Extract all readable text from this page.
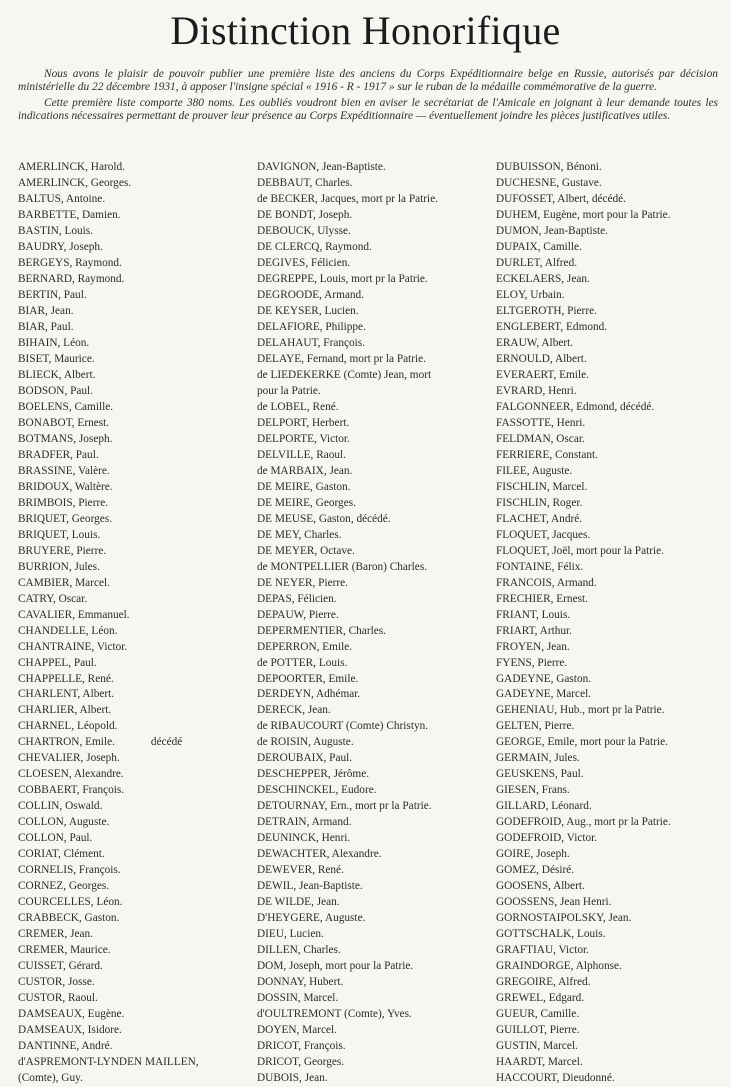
Distinction Honorifique

Nous avons le plaisir de pouvoir publier une première liste des anciens du Corps Expéditionnaire belge en Russie, autorisés par décision ministérielle du 22 décembre 1931, à apposer l'insigne spécial « 1916 - R - 1917 » sur le ruban de la médaille commémorative de la guerre.

Cette première liste comporte 380 noms. Les oubliés voudront bien en aviser le secrétariat de l'Amicale en joignant à leur demande toutes les indications nécessaires permettant de prouver leur présence au Corps Expéditionnaire — éventuellement joindre les pièces justificatives utiles.

AMERLINCK, Harold.
AMERLINCK, Georges.
BALTUS, Antoine.
BARBETTE, Damien.
BASTIN, Louis.
BAUDRY, Joseph.
BERGEYS, Raymond.
BERNARD, Raymond.
BERTIN, Paul.
BIAR, Jean.
BIAR, Paul.
BIHAIN, Léon.
BISET, Maurice.
BLIECK, Albert.
BODSON, Paul.
BOELENS, Camille.
BONABOT, Ernest.
BOTMANS, Joseph.
BRADFER, Paul.
BRASSINE, Valère.
BRIDOUX, Waltère.
BRIMBOIS, Pierre.
BRIQUET, Georges.
BRIQUET, Louis.
BRUYERE, Pierre.
BURRION, Jules.
CAMBIER, Marcel.
CATRY, Oscar.
CAVALIER, Emmanuel.
CHANDELLE, Léon.
CHANTRAINE, Victor.
CHAPPEL, Paul.
CHAPPELLE, René.
CHARLENT, Albert.
CHARLIER, Albert.
CHARNEL, Léopold.
CHARTRON, Emile.	décédé
CHEVALIER, Joseph.
CLOESEN, Alexandre.
COBBAERT, François.
COLLIN, Oswald.
COLLON, Auguste.
COLLON, Paul.
CORIAT, Clément.
CORNELIS, François.
CORNEZ, Georges.
COURCELLES, Léon.
CRABBECK, Gaston.
CREMER, Jean.
CREMER, Maurice.
CUISSET, Gérard.
CUSTOR, Josse.
CUSTOR, Raoul.
DAMSEAUX, Eugène.
DAMSEAUX, Isidore.
DANTINNE, André.
d'ASPREMONT-LYNDEN MAILLEN,
(Comte), Guy.
DAVIGNON, Jean-Baptiste.
DEBBAUT, Charles.
de BECKER, Jacques, mort pr la Patrie.
DE BONDT, Joseph.
DEBOUCK, Ulysse.
DE CLERCQ, Raymond.
DEGIVES, Félicien.
DEGREPPE, Louis, mort pr la Patrie.
DEGROODE, Armand.
DE KEYSER, Lucien.
DELAFIORE, Philippe.
DELAHAUT, François.
DELAYE, Fernand, mort pr la Patrie.
de LIEDEKERKE (Comte) Jean, mort
pour la Patrie.
de LOBEL, René.
DELPORT, Herbert.
DELPORTE, Victor.
DELVILLE, Raoul.
de MARBAIX, Jean.
DE MEIRE, Gaston.
DE MEIRE, Georges.
DE MEUSE, Gaston, décédé.
DE MEY, Charles.
DE MEYER, Octave.
de MONTPELLIER (Baron) Charles.
DE NEYER, Pierre.
DEPAS, Félicien.
DEPAUW, Pierre.
DEPERMENTIER, Charles.
DEPERRON, Emile.
de POTTER, Louis.
DEPOORTER, Emile.
DERDEYN, Adhémar.
DERECK, Jean.
de RIBAUCOURT (Comte) Christyn.
de ROISIN, Auguste.
DEROUBAIX, Paul.
DESCHEPPER, Jérôme.
DESCHINCKEL, Eudore.
DETOURNAY, Ern., mort pr la Patrie.
DETRAIN, Armand.
DEUNINCK, Henri.
DEWACHTER, Alexandre.
DEWEVER, René.
DEWIL, Jean-Baptiste.
DE WILDE, Jean.
D'HEYGERE, Auguste.
DIEU, Lucien.
DILLEN, Charles.
DOM, Joseph, mort pour la Patrie.
DONNAY, Hubert.
DOSSIN, Marcel.
d'OULTREMONT (Comte), Yves.
DOYEN, Marcel.
DRICOT, François.
DRICOT, Georges.
DUBOIS, Jean.
DUBUISSON, Bénoni.
DUCHESNE, Gustave.
DUFOSSET, Albert, décédé.
DUHEM, Eugène, mort pour la Patrie.
DUMON, Jean-Baptiste.
DUPAIX, Camille.
DURLET, Alfred.
ECKELAERS, Jean.
ELOY, Urbain.
ELTGEROTH, Pierre.
ENGLEBERT, Edmond.
ERAUW, Albert.
ERNOULD, Albert.
EVERAERT, Emile.
EVRARD, Henri.
FALGONNEER, Edmond, décédé.
FASSOTTE, Henri.
FELDMAN, Oscar.
FERRIERE, Constant.
FILEE, Auguste.
FISCHLIN, Marcel.
FISCHLIN, Roger.
FLACHET, André.
FLOQUET, Jacques.
FLOQUET, Joël, mort pour la Patrie.
FONTAINE, Félix.
FRANCOIS, Armand.
FRECHIER, Ernest.
FRIANT, Louis.
FRIART, Arthur.
FROYEN, Jean.
FYENS, Pierre.
GADEYNE, Gaston.
GADEYNE, Marcel.
GEHENIAU, Hub., mort pr la Patrie.
GELTEN, Pierre.
GEORGE, Emile, mort pour la Patrie.
GERMAIN, Jules.
GEUSKENS, Paul.
GIESEN, Frans.
GILLARD, Léonard.
GODEFROID, Aug., mort pr la Patrie.
GODEFROID, Victor.
GOIRE, Joseph.
GOMEZ, Désiré.
GOOSENS, Albert.
GOOSSENS, Jean Henri.
GORNOSTAIPOLSKY, Jean.
GOTTSCHALK, Louis.
GRAFTIAU, Victor.
GRAINDORGE, Alphonse.
GREGOIRE, Alfred.
GREWEL, Edgard.
GUEUR, Camille.
GUILLOT, Pierre.
GUSTIN, Marcel.
HAARDT, Marcel.
HACCOURT, Dieudonné.
